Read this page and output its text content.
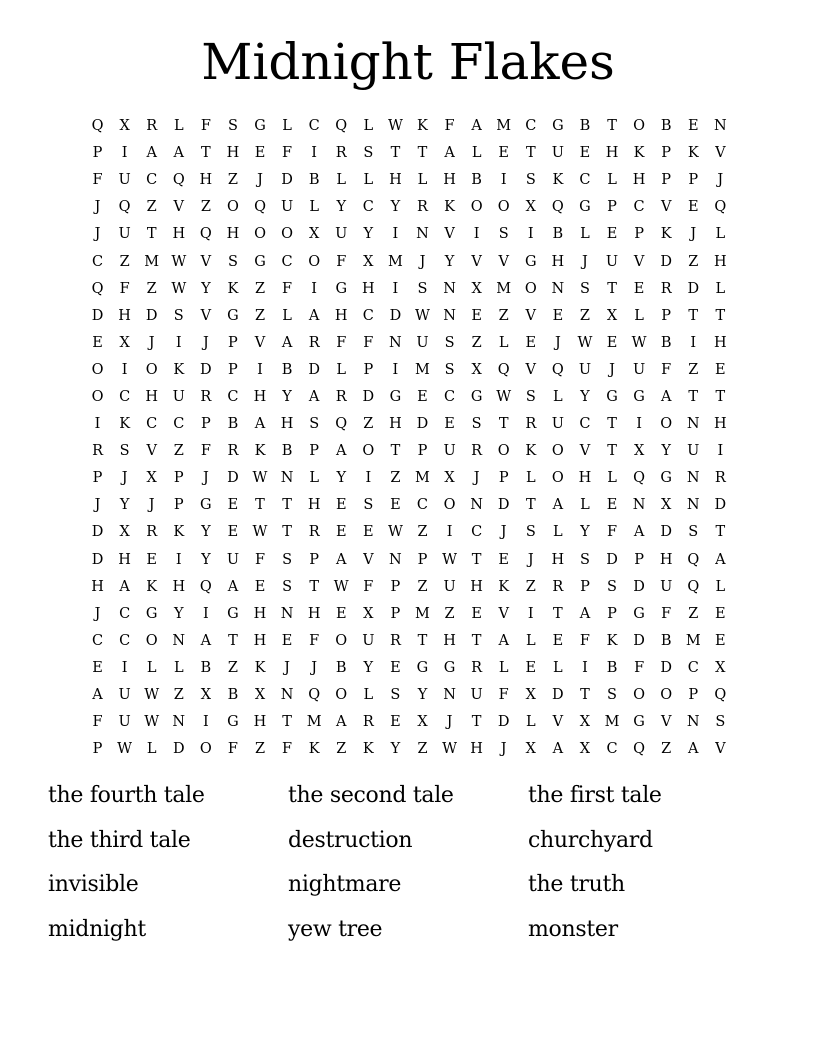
Midnight Flakes
Q	X	R	L	F	S	G	L	C	Q	L	W K	F	A M C	G	B	T	O	B	E	N
P	I	A	A	T	H	E	F	I	R	S	T	T	A	L	E	T	U	E	H	K	P	K	V
F	U	C	Q	H	Z	J	D	B	L	L	H	L	H	B	I	S	K	C	L	H	P	P	J
J	Q	Z	V	Z	O	Q	U	L	Y	C	Y	R	K	O	O	X	Q	G	P	C	V	E	Q
J	U	T	H	Q	H	O	O	X	U	Y	I	N	V	I	S	I	B	L	E	P	K	J	L
C	Z	M W V	S	G	C	O	F	X M	J	Y	V	V	G	H	J	U	V	D	Z	H
Q	F	Z	W	Y	K	Z	F	I	G	H	I	S	N	X M O	N	S	T	E	R	D	L
D	H	D	S	V	G	Z	L	A	H	C	D W N	E	Z	V	E	Z	X	L	P	T	T
E	X	J	I	J	P	V	A	R	F	F	N	U	S	Z	L	E	J	W E W B	I	H
O	I	O	K	D	P	I	B	D	L	P	I	M	S	X	Q	V	Q	U	J	U	F	Z	E
O	C	H	U	R	C	H	Y	A	R	D	G	E	C	G W	S	L	Y	G	G	A	T	T
I	K	C	C	P	B	A	H	S	Q	Z	H	D	E	S	T	R	U	C	T	I	O	N H
R	S	V	Z	F	R	K	B	P	A	O	T	P	U	R	O	K	O	V	T	X	Y	U	I
P	J	X	P	J	D W N	L	Y	I	Z	M X	J	P	L	O	H	L	Q	G	N	R
J	Y	J	P	G	E	T	T	H	E	S	E	C	O	N	D	T	A	L	E	N	X	N	D
D	X	R	K	Y	E W	T	R	E	E W	Z	I	C	J	S	L	Y	F	A	D	S	T
D	H	E	I	Y	U	F	S	P	A	V	N	P	W	T	E	J	H	S	D	P	H	Q	A
H	A	K	H	Q	A	E	S	T	W	F	P	Z	U	H	K	Z	R	P	S	D	U	Q	L
J	C	G	Y	I	G	H N H	E	X	P	M	Z	E	V	I	T	A	P	G	F	Z	E
C	C	O	N	A	T	H	E	F	O	U	R	T	H	T	A	L	E	F	K	D	B M E
E	I	L	L	B	Z	K	J	J	B	Y	E	G	G	R	L	E	L	I	B	F	D	C	X
A	U W	Z	X	B	X	N	Q	O	L	S	Y	N	U	F	X	D	T	S	O	O	P	Q
F	U W N	I	G	H	T	M A	R	E	X	J	T	D	L	V	X M G	V	N	S
P	W	L	D	O	F	Z	F	K	Z	K	Y	Z	W H	J	X	A	X	C	Q	Z	A	V
the fourth tale	the second tale	the first tale
the third tale	destruction	churchyard
invisible	nightmare	the truth
midnight	yew tree	monster
